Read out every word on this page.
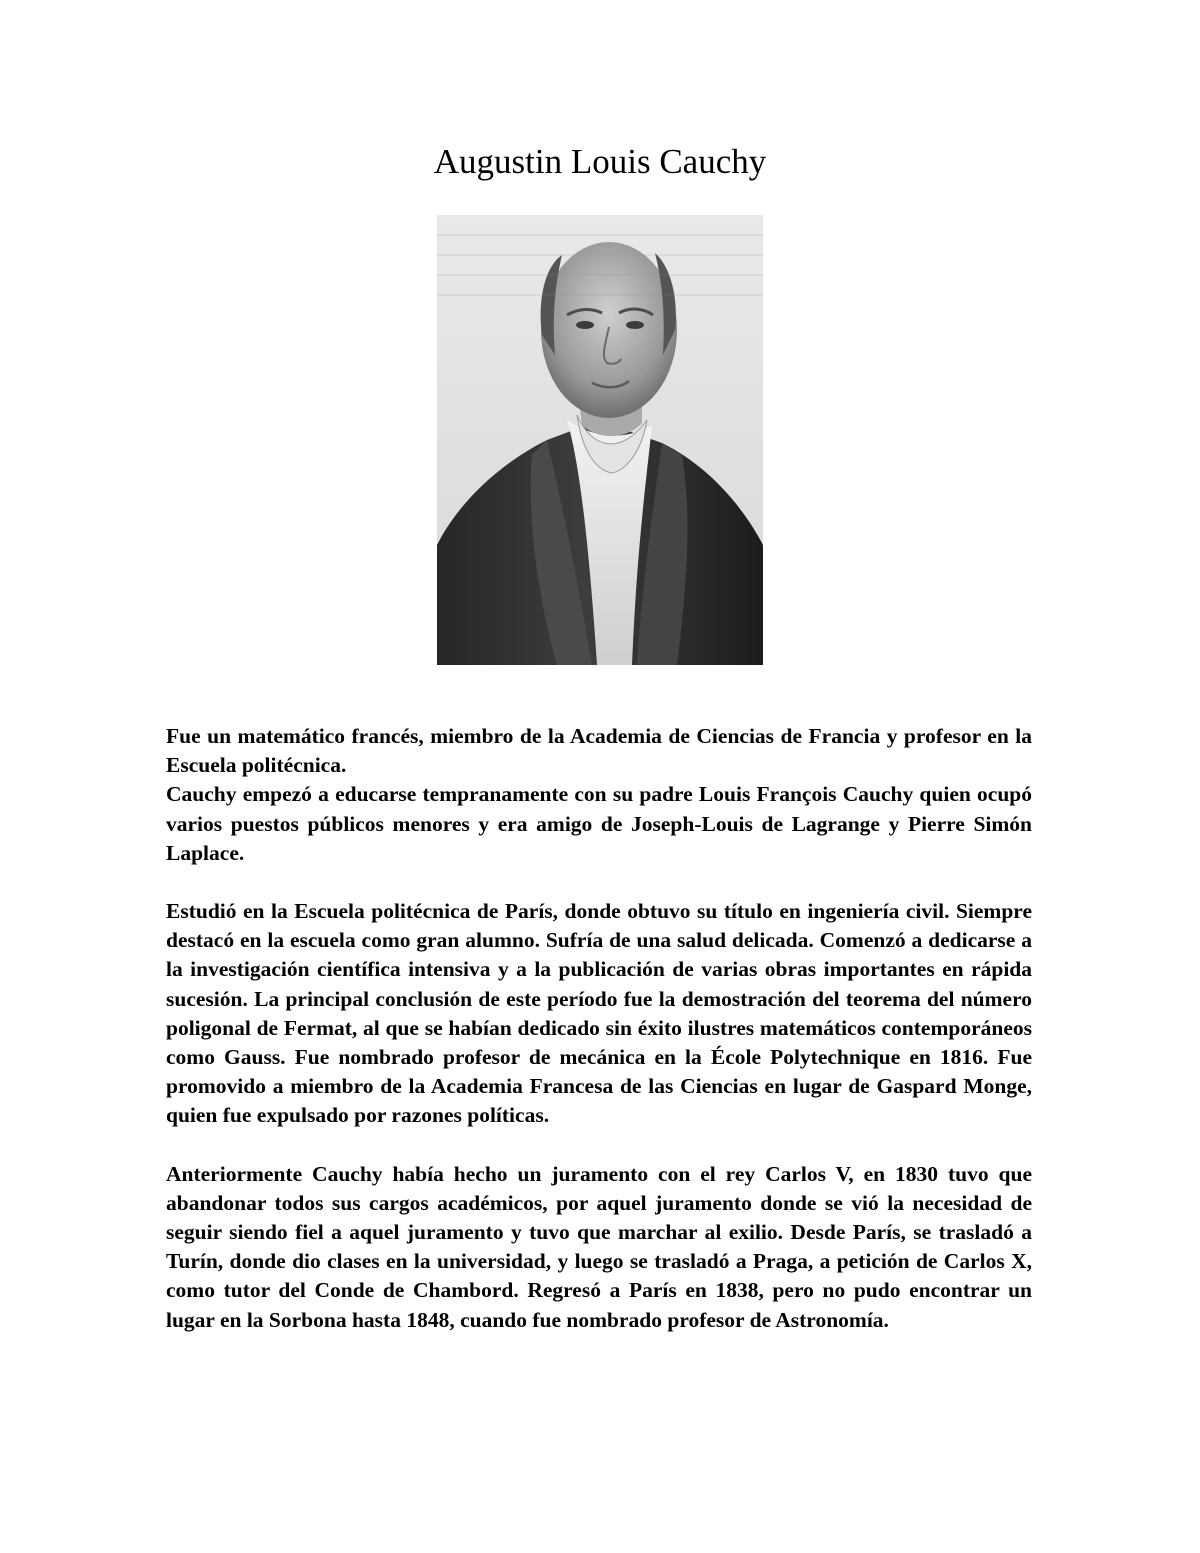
Augustin Louis Cauchy

Fue un matemático francés, miembro de la Academia de Ciencias de Francia y profesor en la Escuela politécnica.

Cauchy empezó a educarse tempranamente con su padre Louis François Cauchy quien ocupó varios puestos públicos menores y era amigo de Joseph-Louis de Lagrange y Pierre Simón Laplace.

Estudió en la Escuela politécnica de París, donde obtuvo su título en ingeniería civil. Siempre destacó en la escuela como gran alumno. Sufría de una salud delicada. Comenzó a dedicarse a la investigación científica intensiva y a la publicación de varias obras importantes en rápida sucesión. La principal conclusión de este período fue la demostración del teorema del número poligonal de Fermat, al que se habían dedicado sin éxito ilustres matemáticos contemporáneos como Gauss. Fue nombrado profesor de mecánica en la École Polytechnique en 1816. Fue promovido a miembro de la Academia Francesa de las Ciencias en lugar de Gaspard Monge, quien fue expulsado por razones políticas.

Anteriormente Cauchy había hecho un juramento con el rey Carlos V, en 1830 tuvo que abandonar todos sus cargos académicos, por aquel juramento donde se vió la necesidad de seguir siendo fiel a aquel juramento y tuvo que marchar al exilio. Desde París, se trasladó a Turín, donde dio clases en la universidad, y luego se trasladó a Praga, a petición de Carlos X, como tutor del Conde de Chambord. Regresó a París en 1838, pero no pudo encontrar un lugar en la Sorbona hasta 1848, cuando fue nombrado profesor de Astronomía.
